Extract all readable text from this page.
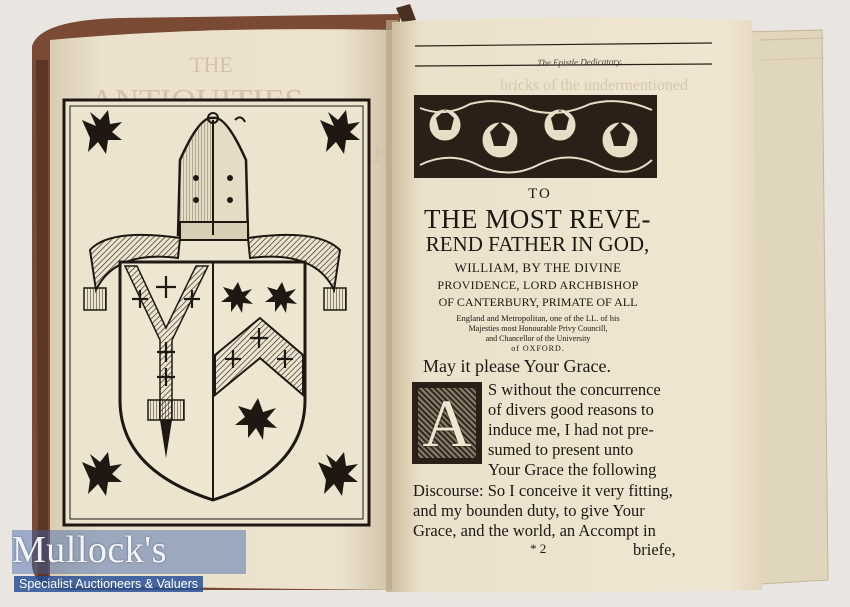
THE
bricks of the undermentioned
The Epistle Dedicatory.
TO
THE MOST REVE-
REND FATHER IN GOD,
WILLIAM, BY THE DIVINE
PROVIDENCE, LORD ARCHBISHOP
OF CANTERBURY, PRIMATE OF ALL
England and Metropolitan, one of the LL. of his
Majesties most Honourable Privy Councill,
and Chancellor of the University
of OXFORD.
May it please Your Grace.
A S without the concurrence
of divers good reasons to
induce me, I had not pre-
sumed to present unto
Your Grace the following
Discourse: So I conceive it very fitting,
and my bounden duty, to give Your
Grace, and the world, an Accompt in
* 2	briefe,
Mullock's
Specialist Auctioneers & Valuers
